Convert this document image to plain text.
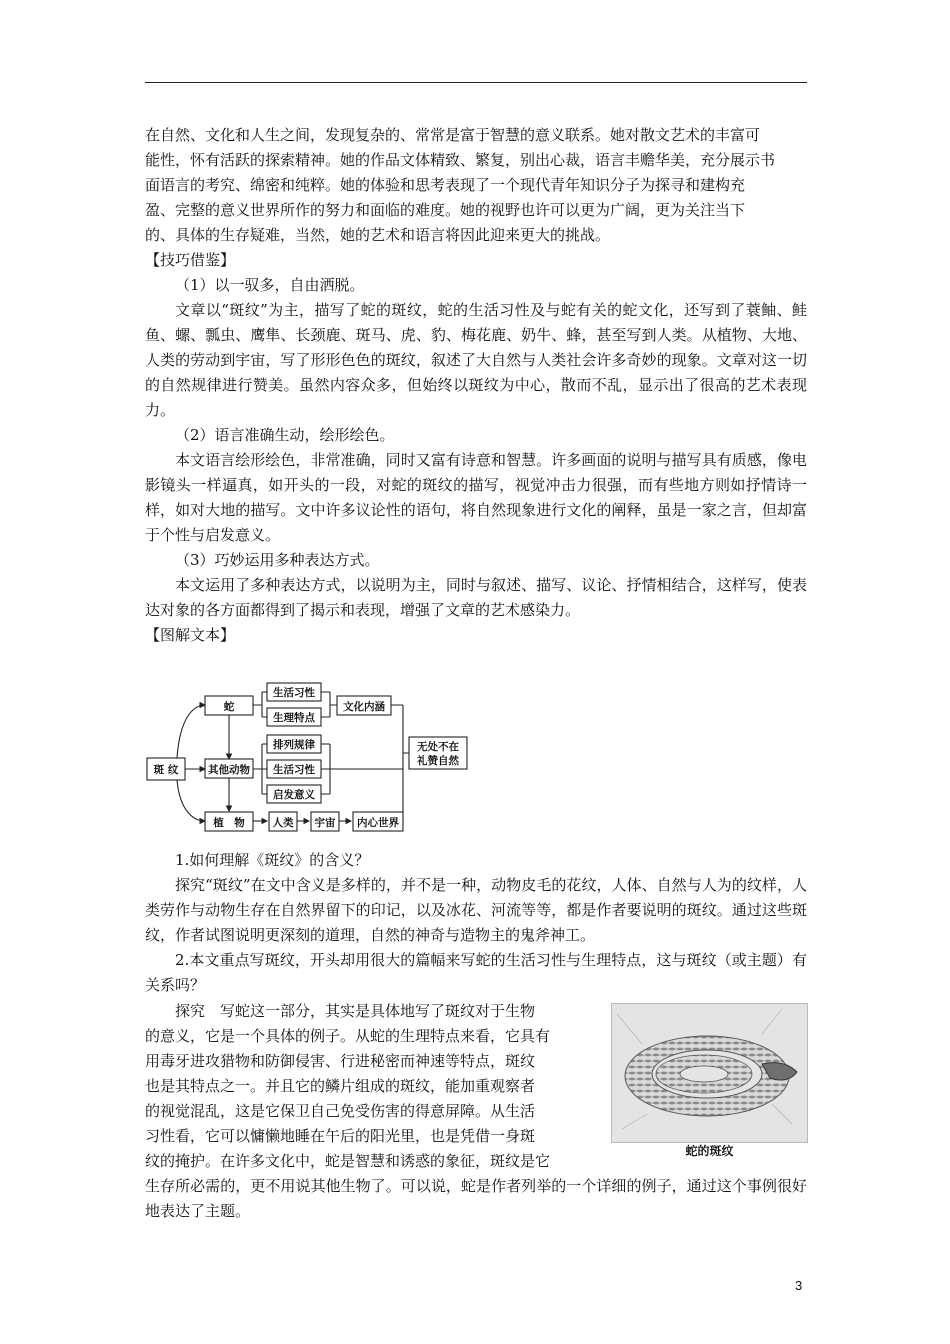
在自然、文化和人生之间，发现复杂的、常常是富于智慧的意义联系。她对散文艺术的丰富可

能性，怀有活跃的探索精神。她的作品文体精致、繁复，别出心裁，语言丰赡华美，充分展示书

面语言的考究、绵密和纯粹。她的体验和思考表现了一个现代青年知识分子为探寻和建构充

盈、完整的意义世界所作的努力和面临的难度。她的视野也许可以更为广阔，更为关注当下

的、具体的生存疑难，当然，她的艺术和语言将因此迎来更大的挑战。

【技巧借鉴】

（1）以一驭多，自由洒脱。

文章以“斑纹”为主，描写了蛇的斑纹，蛇的生活习性及与蛇有关的蛇文化，还写到了蓑鲉、鲑鱼、螺、瓢虫、鹰隼、长颈鹿、斑马、虎、豹、梅花鹿、奶牛、蜂，甚至写到人类。从植物、大地、人类的劳动到宇宙，写了形形色色的斑纹，叙述了大自然与人类社会许多奇妙的现象。文章对这一切的自然规律进行赞美。虽然内容众多，但始终以斑纹为中心，散而不乱，显示出了很高的艺术表现力。

（2）语言准确生动，绘形绘色。

本文语言绘形绘色，非常准确，同时又富有诗意和智慧。许多画面的说明与描写具有质感，像电影镜头一样逼真，如开头的一段，对蛇的斑纹的描写，视觉冲击力很强，而有些地方则如抒情诗一样，如对大地的描写。文中许多议论性的语句，将自然现象进行文化的阐释，虽是一家之言，但却富于个性与启发意义。

（3）巧妙运用多种表达方式。

本文运用了多种表达方式，以说明为主，同时与叙述、描写、议论、抒情相结合，这样写，使表达对象的各方面都得到了揭示和表现，增强了文章的艺术感染力。

【图解文本】

斑 纹
蛇
其他动物
植　物
生活习性
生理特点
文化内涵
排列规律
生活习性
启发意义
人类 宇宙 内心世界
无处不在
礼赞自然

1.如何理解《斑纹》的含义？

探究“斑纹”在文中含义是多样的，并不是一种，动物皮毛的花纹，人体、自然与人为的纹样，人类劳作与动物生存在自然界留下的印记，以及冰花、河流等等，都是作者要说明的斑纹。通过这些斑纹，作者试图说明更深刻的道理，自然的神奇与造物主的鬼斧神工。

2.本文重点写斑纹，开头却用很大的篇幅来写蛇的生活习性与生理特点，这与斑纹（或主题）有关系吗？

探究　写蛇这一部分，其实是具体地写了斑纹对于生物
的意义，它是一个具体的例子。从蛇的生理特点来看，它具有
用毒牙进攻猎物和防御侵害、行进秘密而神速等特点，斑纹
也是其特点之一。并且它的鳞片组成的斑纹，能加重观察者
的视觉混乱，这是它保卫自己免受伤害的得意屏障。从生活
习性看，它可以慵懒地睡在午后的阳光里，也是凭借一身斑
纹的掩护。在许多文化中，蛇是智慧和诱惑的象征，斑纹是它

生存所必需的，更不用说其他生物了。可以说，蛇是作者列举的一个详细的例子，通过这个事例很好地表达了主题。

蛇的斑纹
3
